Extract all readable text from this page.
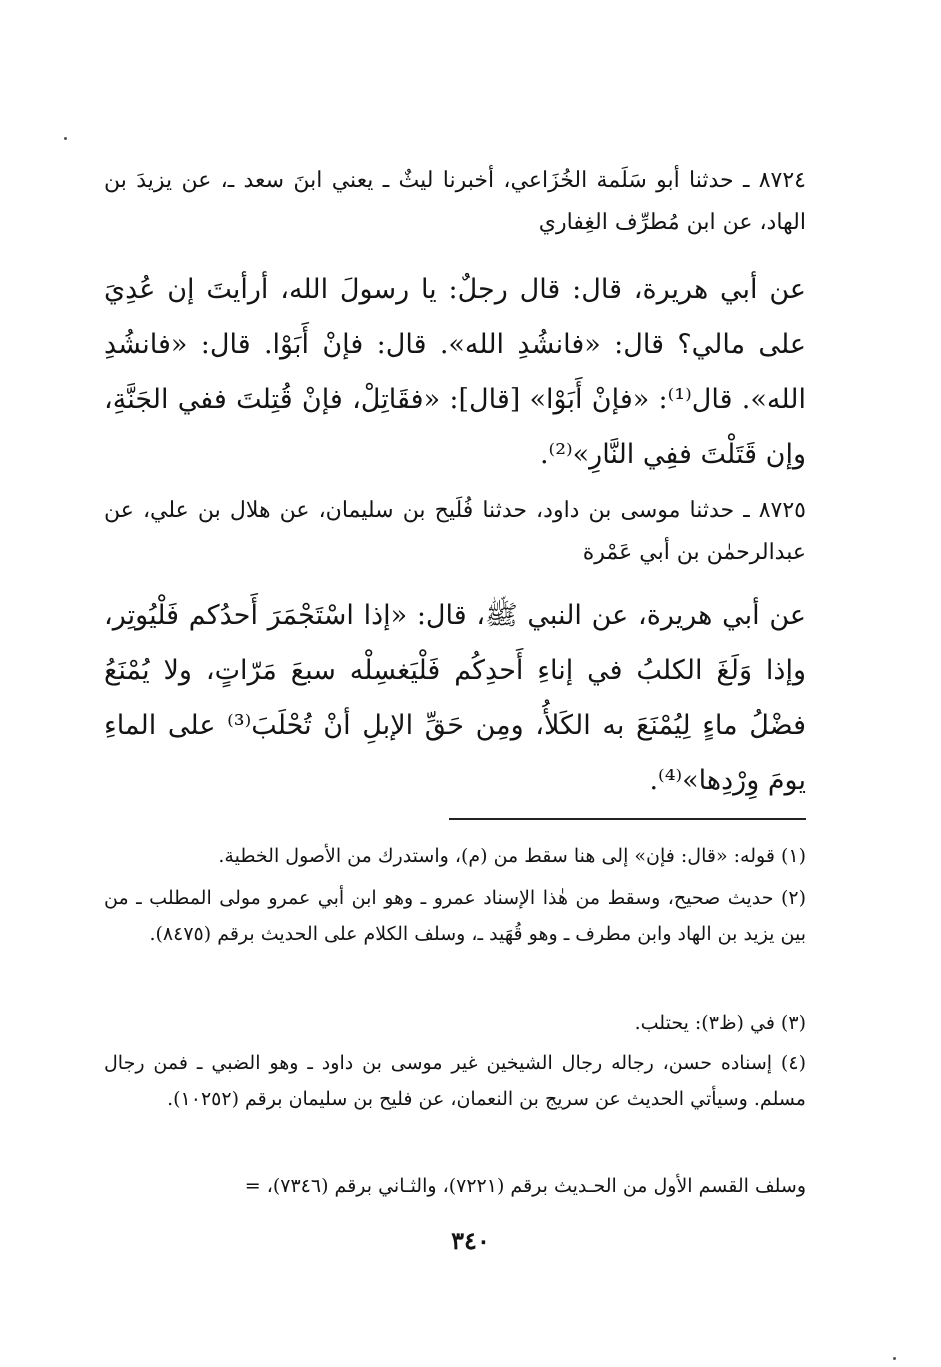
٨٧٢٤ ـ حدثنا أبو سَلَمة الخُزَاعي، أخبرنا ليثٌ ـ يعني ابنَ سعد ـ، عن يزيدَ بن الهاد، عن ابن مُطرِّف الغِفاري
عن أبي هريرة، قال: قال رجلٌ: يا رسولَ الله، أرأيتَ إن عُدِيَ على مالي؟ قال: «فانشُدِ الله». قال: فإنْ أَبَوْا. قال: «فانشُدِ الله». قال⁽¹⁾: «فإنْ أَبَوْا» [قال]: «فقَاتِلْ، فإنْ قُتِلتَ ففي الجَنَّةِ، وإن قَتَلْتَ ففِي النَّارِ»⁽²⁾.
٨٧٢٥ ـ حدثنا موسى بن داود، حدثنا فُلَيح بن سليمان، عن هلال بن علي، عن عبدالرحمٰن بن أبي عَمْرة
عن أبي هريرة، عن النبي ﷺ، قال: «إذا اسْتَجْمَرَ أَحدُكم فَلْيُوتِر، وإذا وَلَغَ الكلبُ في إناءِ أَحدِكُم فَلْيَغسِلْه سبعَ مَرّاتٍ، ولا يُمْنَعُ فضْلُ ماءٍ لِيُمْنَعَ به الكَلأُ، ومِن حَقِّ الإبلِ أنْ تُحْلَبَ⁽³⁾ على الماءِ يومَ وِرْدِها»⁽⁴⁾.
(١) قوله: «قال: فإن» إلى هنا سقط من (م)، واستدرك من الأصول الخطية.
(٢) حديث صحيح، وسقط من هٰذا الإسناد عمرو ـ وهو ابن أبي عمرو مولى المطلب ـ من بين يزيد بن الهاد وابن مطرف ـ وهو قُهَيد ـ، وسلف الكلام على الحديث برقم (٨٤٧٥).
(٣) في (ظ٣): يحتلب.
(٤) إسناده حسن، رجاله رجال الشيخين غير موسى بن داود ـ وهو الضبي ـ فمن رجال مسلم. وسيأتي الحديث عن سريج بن النعمان، عن فليح بن سليمان برقم (١٠٢٥٢).
وسلف القسم الأول من الحـديث برقم (٧٢٢١)، والثـاني برقم (٧٣٤٦)، =
٣٤٠
